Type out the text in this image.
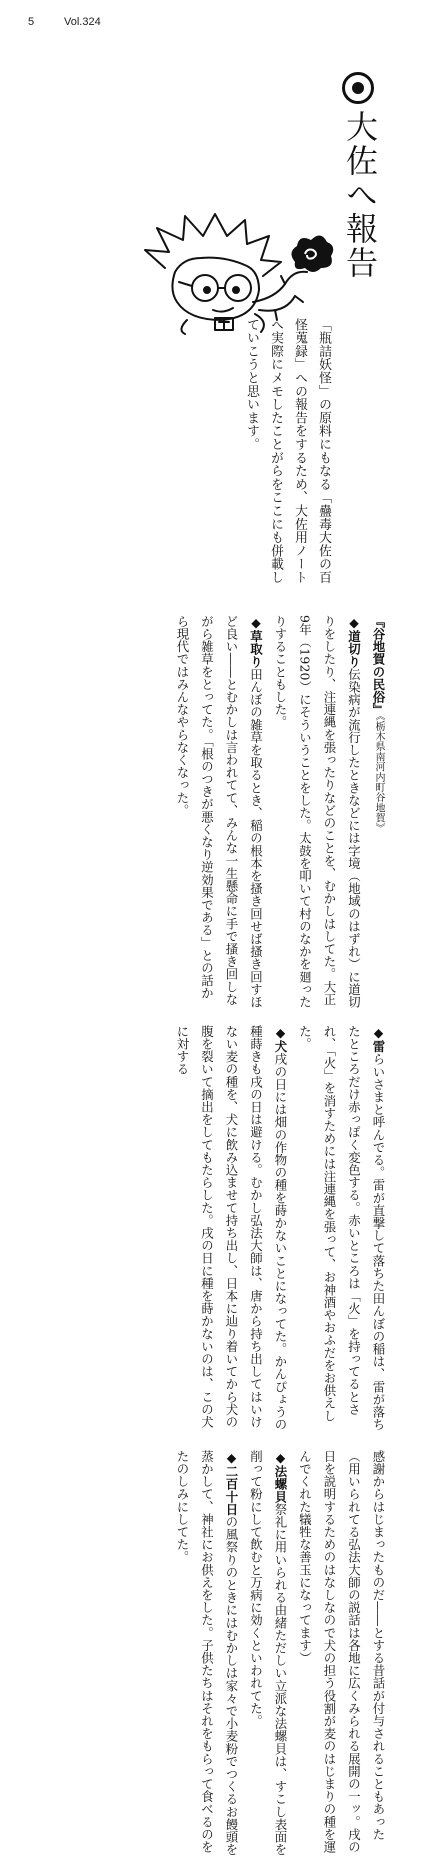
5	Vol.324
大佐へ報告
「瓶詰妖怪」の原料にもなる「蠱毒大佐の百怪蒐録」への報告をするため、大佐用ノートへ実際にメモしたことがらをここにも併載していこうと思います。
『谷地賀の民俗』《栃木県南河内町谷地賀》
◆道切り伝染病が流行したときなどには字境（地域のはずれ）に道切りをしたり、注連縄を張ったりなどのことを、むかしはしてた。大正9年（1920）にそういうことをした。太鼓を叩いて村のなかを廻ったりすることもした。
◆草取り田んぼの雑草を取るとき、稲の根本を搔き回せば搔き回すほど良い――とむかしは言われてて、みんな一生懸命に手で搔き回しながら雑草をとってた。「根のつきが悪くなり逆効果である」との話から現代ではみんなやらなくなった。
◆雷らいさまと呼んでる。雷が直撃して落ちた田んぼの稲は、雷が落ちたところだけ赤っぽく変色する。赤いところは「火」を持ってるとされ、「火」を消すためには注連縄を張って、お神酒やおふだをお供えした。
◆犬戌の日には畑の作物の種を蒔かないことになってた。かんぴょうの種蒔きも戌の日は避ける。むかし弘法大師は、唐から持ち出してはいけない麦の種を、犬に飲み込ませて持ち出し、日本に辿り着いてから犬の腹を裂いて摘出をしてもたらした。戌の日に種を蒔かないのは、この犬に対する
感謝からはじまったものだ――とする昔話が付与されることもあった（用いられてる弘法大師の説話は各地に広くみられる展開の一ッ。戌の日を説明するためのはなしなので犬の担う役割が麦のはじまりの種を運んでくれた犠牲な善玉になってます）
◆法螺貝祭礼に用いられる由緒ただしい立派な法螺貝は、すこし表面を削って粉にして飲むと万病に効くといわれてた。
◆二百十日の風祭りのときにはむかしは家々で小麦粉でつくるお饅頭を蒸かして、神社にお供えをした。子供たちはそれをもらって食べるのをたのしみにしてた。
